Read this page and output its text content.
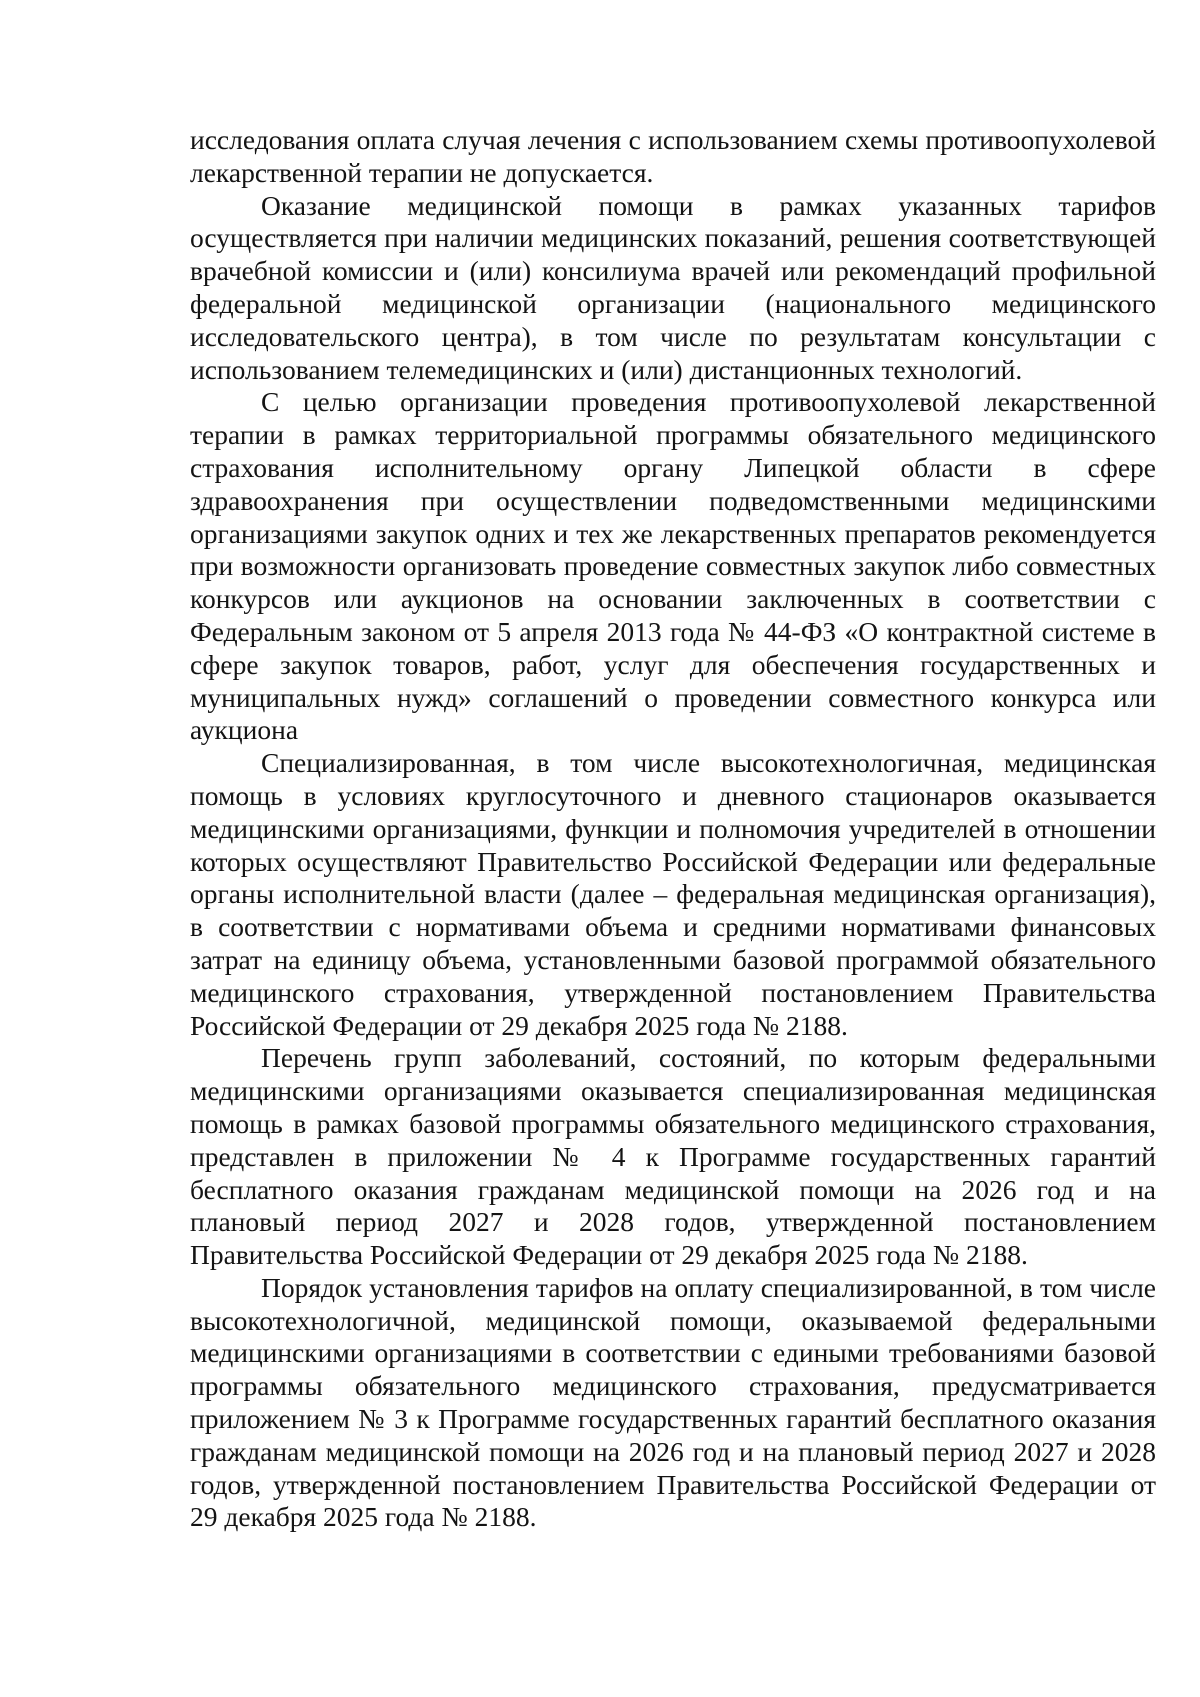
исследования оплата случая лечения с использованием схемы противоопухолевой лекарственной терапии не допускается.

Оказание медицинской помощи в рамках указанных тарифов осуществляется при наличии медицинских показаний, решения соответствующей врачебной комиссии и (или) консилиума врачей или рекомендаций профильной федеральной медицинской организации (национального медицинского исследовательского центра), в том числе по результатам консультации с использованием телемедицинских и (или) дистанционных технологий.

С целью организации проведения противоопухолевой лекарственной терапии в рамках территориальной программы обязательного медицинского страхования исполнительному органу Липецкой области в сфере здравоохранения при осуществлении подведомственными медицинскими организациями закупок одних и тех же лекарственных препаратов рекомендуется при возможности организовать проведение совместных закупок либо совместных конкурсов или аукционов на основании заключенных в соответствии с Федеральным законом от 5 апреля 2013 года № 44-ФЗ «О контрактной системе в сфере закупок товаров, работ, услуг для обеспечения государственных и муниципальных нужд» соглашений о проведении совместного конкурса или аукциона

Специализированная, в том числе высокотехнологичная, медицинская помощь в условиях круглосуточного и дневного стационаров оказывается медицинскими организациями, функции и полномочия учредителей в отношении которых осуществляют Правительство Российской Федерации или федеральные органы исполнительной власти (далее – федеральная медицинская организация), в соответствии с нормативами объема и средними нормативами финансовых затрат на единицу объема, установленными базовой программой обязательного медицинского страхования, утвержденной постановлением Правительства Российской Федерации от 29 декабря 2025 года № 2188.

Перечень групп заболеваний, состояний, по которым федеральными медицинскими организациями оказывается специализированная медицинская помощь в рамках базовой программы обязательного медицинского страхования, представлен в приложении № 4 к Программе государственных гарантий бесплатного оказания гражданам медицинской помощи на 2026 год и на плановый период 2027 и 2028 годов, утвержденной постановлением Правительства Российской Федерации от 29 декабря 2025 года № 2188.

Порядок установления тарифов на оплату специализированной, в том числе высокотехнологичной, медицинской помощи, оказываемой федеральными медицинскими организациями в соответствии с едиными требованиями базовой программы обязательного медицинского страхования, предусматривается приложением № 3 к Программе государственных гарантий бесплатного оказания гражданам медицинской помощи на 2026 год и на плановый период 2027 и 2028 годов, утвержденной постановлением Правительства Российской Федерации от 29 декабря 2025 года № 2188.
